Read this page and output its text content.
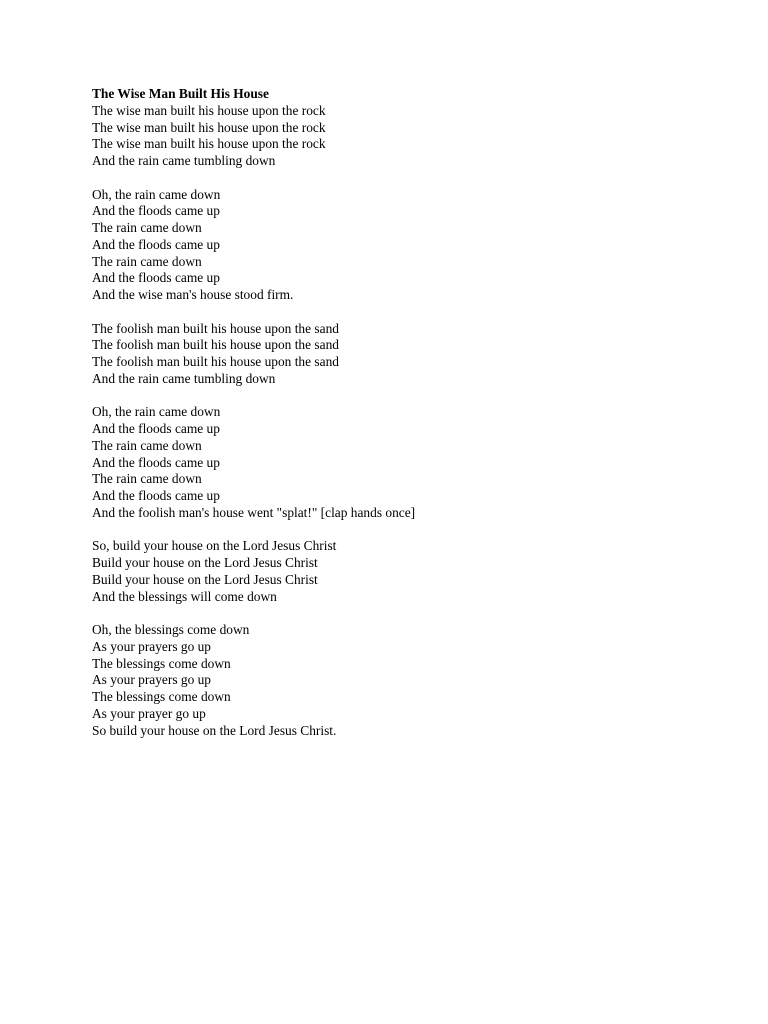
The Wise Man Built His House
The wise man built his house upon the rock
The wise man built his house upon the rock
The wise man built his house upon the rock
And the rain came tumbling down
Oh, the rain came down
And the floods came up
The rain came down
And the floods came up
The rain came down
And the floods came up
And the wise man's house stood firm.
The foolish man built his house upon the sand
The foolish man built his house upon the sand
The foolish man built his house upon the sand
And the rain came tumbling down
Oh, the rain came down
And the floods came up
The rain came down
And the floods came up
The rain came down
And the floods came up
And the foolish man's house went "splat!" [clap hands once]
So, build your house on the Lord Jesus Christ
Build your house on the Lord Jesus Christ
Build your house on the Lord Jesus Christ
And the blessings will come down
Oh, the blessings come down
As your prayers go up
The blessings come down
As your prayers go up
The blessings come down
As your prayer go up
So build your house on the Lord Jesus Christ.
